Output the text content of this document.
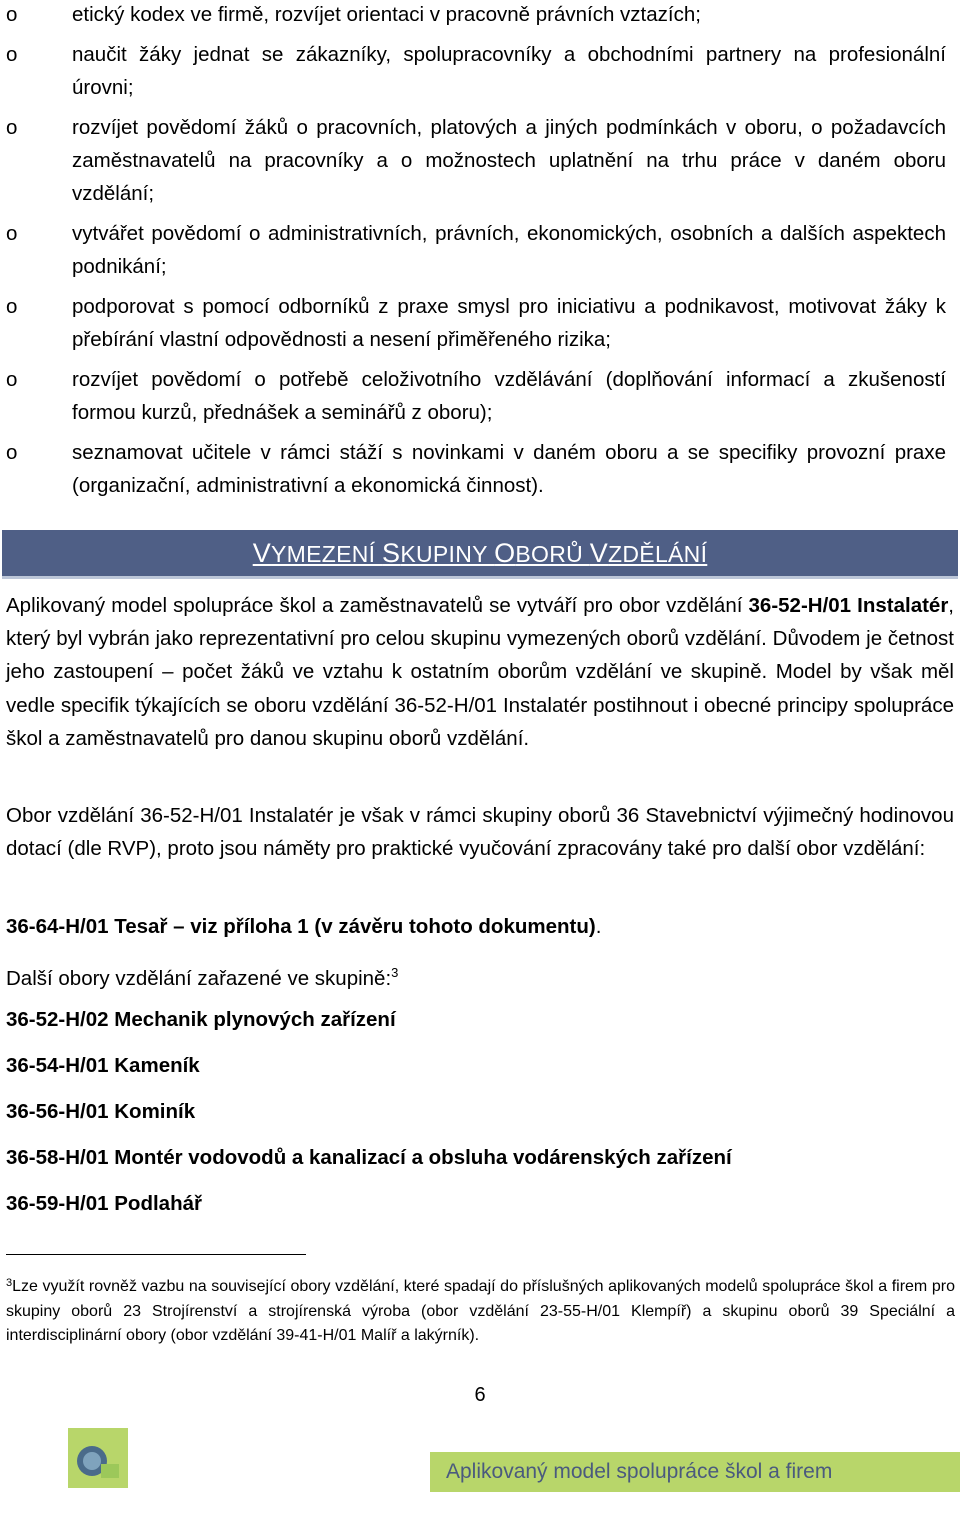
o	etický kodex ve firmě, rozvíjet orientaci v pracovně právních vztazích;
o	naučit žáky jednat se zákazníky, spolupracovníky a obchodními partnery na profesionální úrovni;
o	rozvíjet povědomí žáků o pracovních, platových a jiných podmínkách v oboru, o požadavcích zaměstnavatelů na pracovníky a o možnostech uplatnění na trhu práce v daném oboru vzdělání;
o	vytvářet povědomí o administrativních, právních, ekonomických, osobních a dalších aspektech podnikání;
o	podporovat s pomocí odborníků z praxe smysl pro iniciativu a podnikavost, motivovat žáky k přebírání vlastní odpovědnosti a nesení přiměřeného rizika;
o	rozvíjet povědomí o potřebě celoživotního vzdělávání (doplňování informací a zkušeností formou kurzů, přednášek a seminářů z oboru);
o	seznamovat učitele v rámci stáží s novinkami v daném oboru a se specifiky provozní praxe (organizační, administrativní a ekonomická činnost).
VYMEZENÍ SKUPINY OBORŮ VZDĚLÁNÍ

Aplikovaný model spolupráce škol a zaměstnavatelů se vytváří pro obor vzdělání 36-52-H/01 Instalatér, který byl vybrán jako reprezentativní pro celou skupinu vymezených oborů vzdělání. Důvodem je četnost jeho zastoupení – počet žáků ve vztahu k ostatním oborům vzdělání ve skupině. Model by však měl vedle specifik týkajících se oboru vzdělání 36-52-H/01 Instalatér postihnout i obecné principy spolupráce škol a zaměstnavatelů pro danou skupinu oborů vzdělání.

Obor vzdělání 36-52-H/01 Instalatér je však v rámci skupiny oborů 36 Stavebnictví výjimečný hodinovou dotací (dle RVP), proto jsou náměty pro praktické vyučování zpracovány také pro další obor vzdělání:

36-64-H/01 Tesař – viz příloha 1 (v závěru tohoto dokumentu).

Další obory vzdělání zařazené ve skupině:$^3$

36-52-H/02 Mechanik plynových zařízení
36-54-H/01 Kameník
36-56-H/01 Kominík
36-58-H/01 Montér vodovodů a kanalizací a obsluha vodárenských zařízení
36-59-H/01 Podlahář

$^3$Lze využít rovněž vazbu na související obory vzdělání, které spadají do příslušných aplikovaných modelů spolupráce škol a firem pro skupiny oborů 23 Strojírenství a strojírenská výroba (obor vzdělání 23-55-H/01 Klempíř) a skupinu oborů 39 Speciální a interdisciplinární obory (obor vzdělání 39-41-H/01 Malíř a lakýrník).

6
Aplikovaný model spolupráce škol a firem
